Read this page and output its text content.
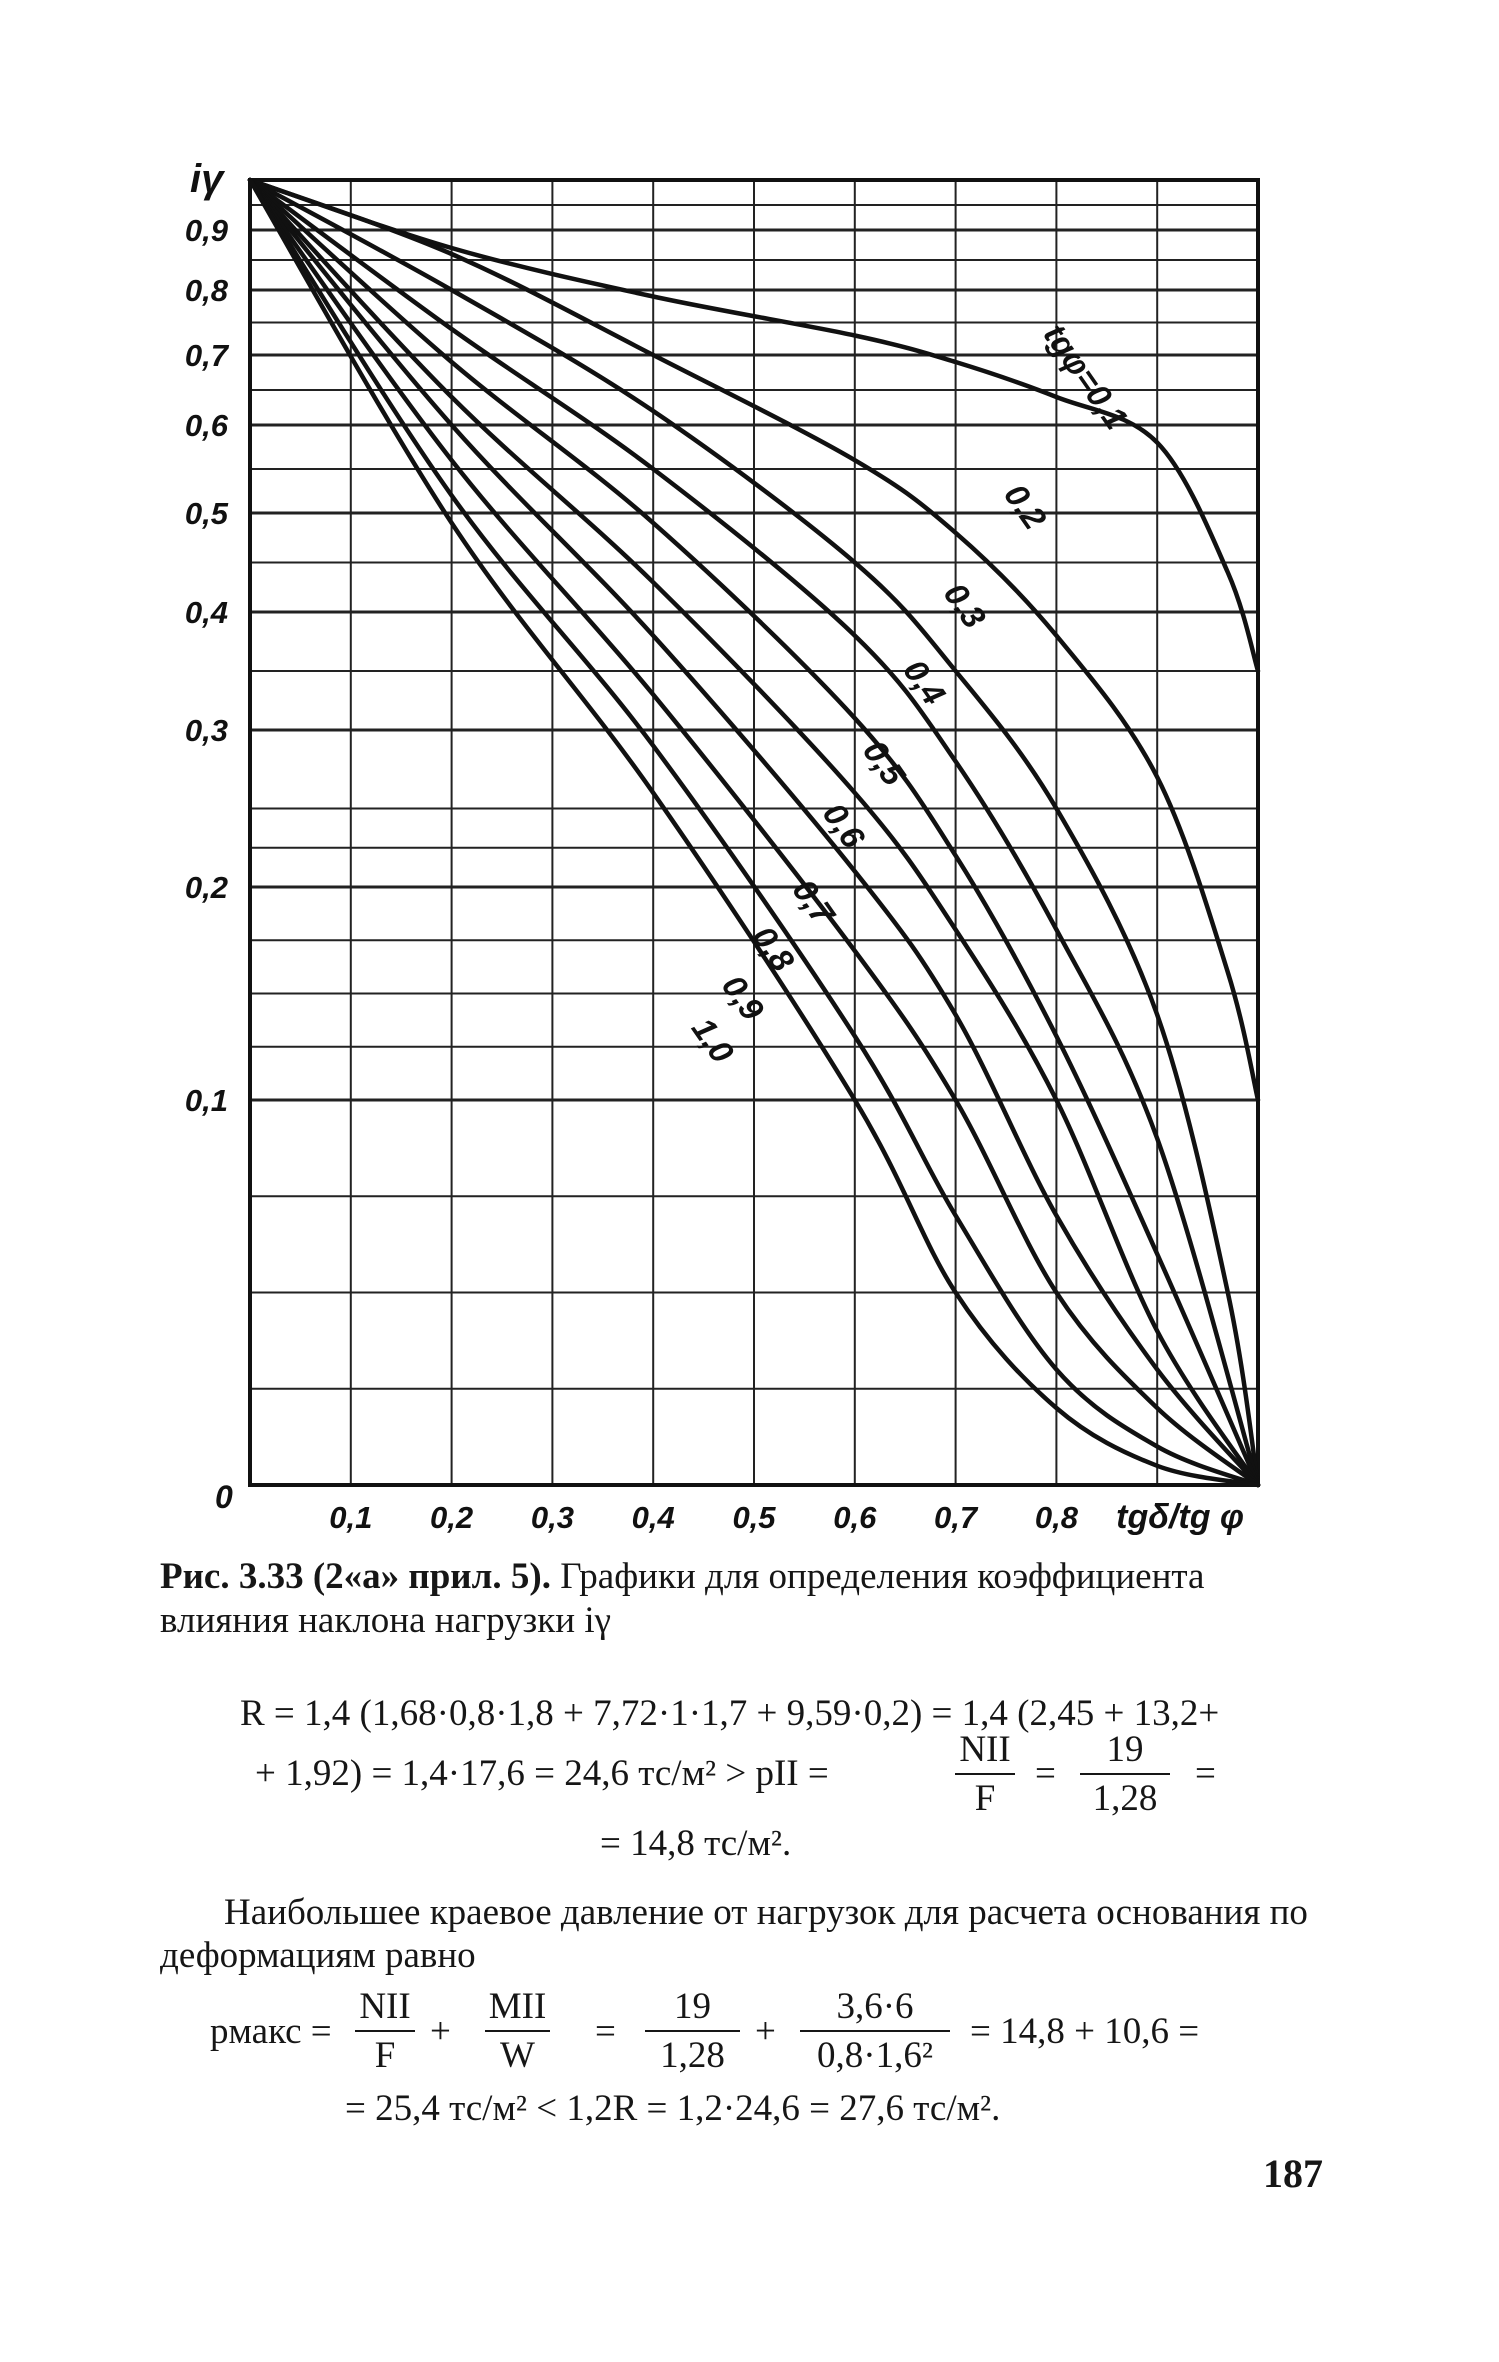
0,9
0,8
0,7
0,6
0,5
0,4
0,3
0,2
0,1
iγ
0
0,1 0,2 0,3 0,4 0,5 0,6 0,7 0,8 tgδ/tg φ
tgφ=0,1
0,2
0,3
0,4
0,5
0,6
0,7
0,8
0,9
1,0
Рис. 3.33 (2«а» прил. 5). Графики для определения коэффициента влияния наклона нагрузки iγ
R = 1,4 (1,68·0,8·1,8 + 7,72·1·1,7 + 9,59·0,2) = 1,4 (2,45 + 13,2+
+ 1,92) = 1,4·17,6 = 24,6 тс/м² > pII =
NII
F
=
19
1,28
=
= 14,8 тс/м².
Наибольшее краевое давление от нагрузок для расчета основания по деформациям равно
pмакс =
NII
F
+
MII
W
=
19
1,28
+
3,6·6
0,8·1,6²
= 14,8 + 10,6 =
= 25,4 тс/м² < 1,2R = 1,2·24,6 = 27,6 тс/м².
187
